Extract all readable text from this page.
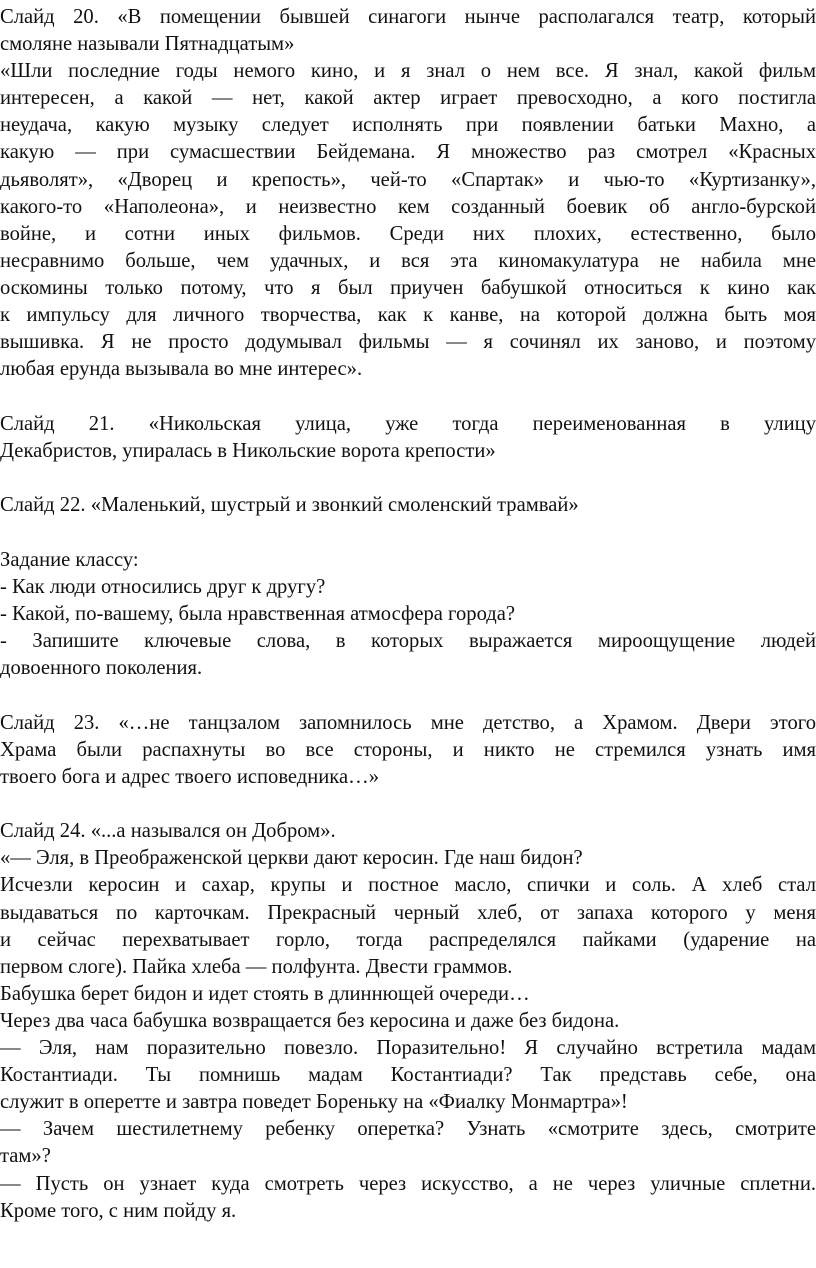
Слайд 20. «В помещении бывшей синагоги нынче располагался театр, который
смоляне называли Пятнадцатым»
«Шли последние годы немого кино, и я знал о нем все. Я знал, какой фильм
интересен, а какой — нет, какой актер играет превосходно, а кого постигла
неудача, какую музыку следует исполнять при появлении батьки Махно, а
какую — при сумасшествии Бейдемана. Я множество раз смотрел «Красных
дьяволят», «Дворец и крепость», чей-то «Спартак» и чью-то «Куртизанку»,
какого-то «Наполеона», и неизвестно кем созданный боевик об англо-бурской
войне, и сотни иных фильмов. Среди них плохих, естественно, было
несравнимо больше, чем удачных, и вся эта киномакулатура не набила мне
оскомины только потому, что я был приучен бабушкой относиться к кино как
к импульсу для личного творчества, как к канве, на которой должна быть моя
вышивка. Я не просто додумывал фильмы — я сочинял их заново, и поэтому
любая ерунда вызывала во мне интерес».
Слайд 21. «Никольская улица, уже тогда переименованная в улицу
Декабристов, упиралась в Никольские ворота крепости»
Слайд 22. «Маленький, шустрый и звонкий смоленский трамвай»
Задание классу:
- Как люди относились друг к другу?
- Какой, по-вашему, была нравственная атмосфера города?
- Запишите ключевые слова, в которых выражается мироощущение людей
довоенного поколения.
Слайд 23. «…не танцзалом запомнилось мне детство, а Храмом. Двери этого
Храма были распахнуты во все стороны, и никто не стремился узнать имя
твоего бога и адрес твоего исповедника…»
Слайд 24. «...а назывался он Добром».
«— Эля, в Преображенской церкви дают керосин. Где наш бидон?
Исчезли керосин и сахар, крупы и постное масло, спички и соль. А хлеб стал
выдаваться по карточкам. Прекрасный черный хлеб, от запаха которого у меня
и сейчас перехватывает горло, тогда распределялся пайками (ударение на
первом слоге). Пайка хлеба — полфунта. Двести граммов.
Бабушка берет бидон и идет стоять в длиннющей очереди…
Через два часа бабушка возвращается без керосина и даже без бидона.
— Эля, нам поразительно повезло. Поразительно! Я случайно встретила мадам
Костантиади. Ты помнишь мадам Костантиади? Так представь себе, она
служит в оперетте и завтра поведет Бореньку на «Фиалку Монмартра»!
— Зачем шестилетнему ребенку оперетка? Узнать «смотрите здесь, смотрите
там»?
— Пусть он узнает куда смотреть через искусство, а не через уличные сплетни.
Кроме того, с ним пойду я.
